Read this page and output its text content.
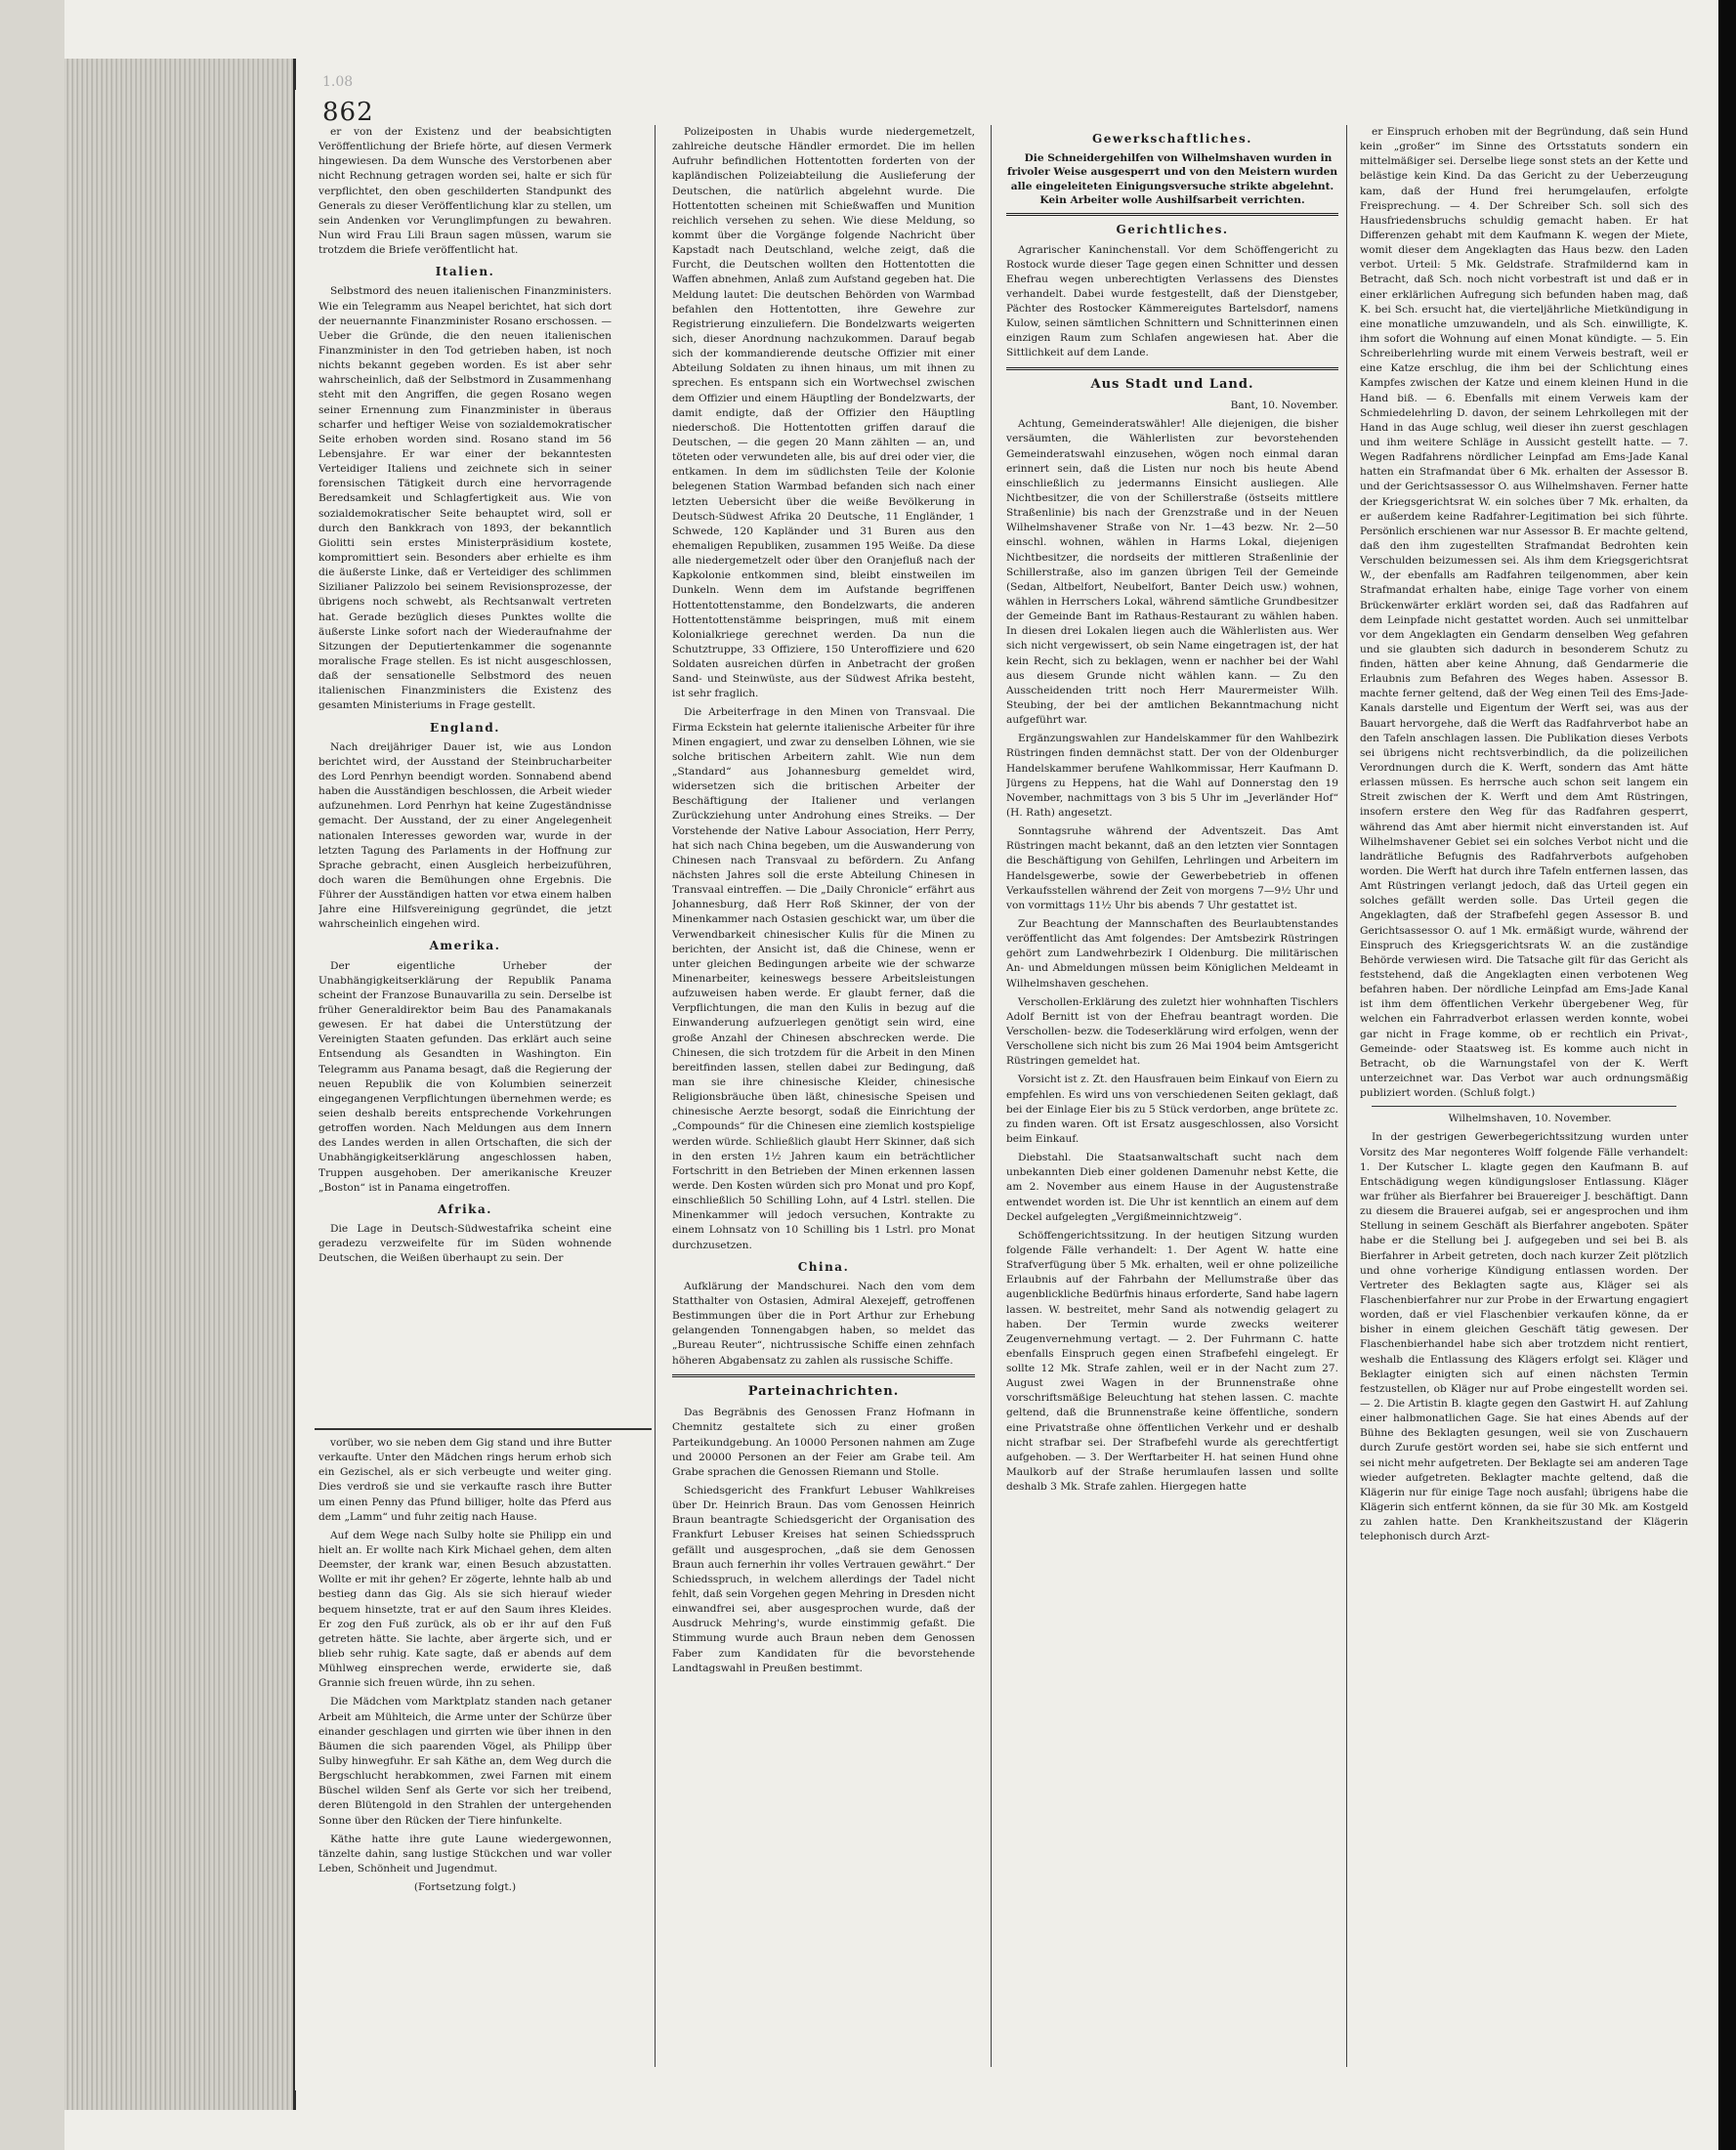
1.08
862

er von der Existenz und der beabsichtigten Veröffentlichung der Briefe hörte, auf diesen Vermerk hingewiesen. Da dem Wunsche des Verstorbenen aber nicht Rechnung getragen worden sei, halte er sich für verpflichtet, den oben geschilderten Standpunkt des Generals zu dieser Veröffentlichung klar zu stellen, um sein Andenken vor Verunglimpfungen zu bewahren. Nun wird Frau Lili Braun sagen müssen, warum sie trotzdem die Briefe veröffentlicht hat.

Italien.

Selbstmord des neuen italienischen Finanzministers. Wie ein Telegramm aus Neapel berichtet, hat sich dort der neuernannte Finanzminister Rosano erschossen. — Ueber die Gründe, die den neuen italienischen Finanzminister in den Tod getrieben haben, ist noch nichts bekannt gegeben worden. Es ist aber sehr wahrscheinlich, daß der Selbstmord in Zusammenhang steht mit den Angriffen, die gegen Rosano wegen seiner Ernennung zum Finanzminister in überaus scharfer und heftiger Weise von sozialdemokratischer Seite erhoben worden sind. Rosano stand im 56 Lebensjahre. Er war einer der bekanntesten Verteidiger Italiens und zeichnete sich in seiner forensischen Tätigkeit durch eine hervorragende Beredsamkeit und Schlagfertigkeit aus. Wie von sozialdemokratischer Seite behauptet wird, soll er durch den Bankkrach von 1893, der bekanntlich Giolitti sein erstes Ministerpräsidium kostete, kompromittiert sein. Besonders aber erhielte es ihm die äußerste Linke, daß er Verteidiger des schlimmen Sizilianer Palizzolo bei seinem Revisionsprozesse, der übrigens noch schwebt, als Rechtsanwalt vertreten hat. Gerade bezüglich dieses Punktes wollte die äußerste Linke sofort nach der Wiederaufnahme der Sitzungen der Deputiertenkammer die sogenannte moralische Frage stellen. Es ist nicht ausgeschlossen, daß der sensationelle Selbstmord des neuen italienischen Finanzministers die Existenz des gesamten Ministeriums in Frage gestellt.

England.

Nach dreijähriger Dauer ist, wie aus London berichtet wird, der Ausstand der Steinbrucharbeiter des Lord Penrhyn beendigt worden. Sonnabend abend haben die Ausständigen beschlossen, die Arbeit wieder aufzunehmen. Lord Penrhyn hat keine Zugeständnisse gemacht. Der Ausstand, der zu einer Angelegenheit nationalen Interesses geworden war, wurde in der letzten Tagung des Parlaments in der Hoffnung zur Sprache gebracht, einen Ausgleich herbeizuführen, doch waren die Bemühungen ohne Ergebnis. Die Führer der Ausständigen hatten vor etwa einem halben Jahre eine Hilfsvereinigung gegründet, die jetzt wahrscheinlich eingehen wird.

Amerika.

Der eigentliche Urheber der Unabhängigkeitserklärung der Republik Panama scheint der Franzose Bunauvarilla zu sein. Derselbe ist früher Generaldirektor beim Bau des Panamakanals gewesen. Er hat dabei die Unterstützung der Vereinigten Staaten gefunden. Das erklärt auch seine Entsendung als Gesandten in Washington. Ein Telegramm aus Panama besagt, daß die Regierung der neuen Republik die von Kolumbien seinerzeit eingegangenen Verpflichtungen übernehmen werde; es seien deshalb bereits entsprechende Vorkehrungen getroffen worden. Nach Meldungen aus dem Innern des Landes werden in allen Ortschaften, die sich der Unabhängigkeitserklärung angeschlossen haben, Truppen ausgehoben. Der amerikanische Kreuzer „Boston“ ist in Panama eingetroffen.

Afrika.

Die Lage in Deutsch-Südwestafrika scheint eine geradezu verzweifelte für im Süden wohnende Deutschen, die Weißen überhaupt zu sein. Der

vorüber, wo sie neben dem Gig stand und ihre Butter verkaufte. Unter den Mädchen rings herum erhob sich ein Gezischel, als er sich verbeugte und weiter ging. Dies verdroß sie und sie verkaufte rasch ihre Butter um einen Penny das Pfund billiger, holte das Pferd aus dem „Lamm“ und fuhr zeitig nach Hause.

Auf dem Wege nach Sulby holte sie Philipp ein und hielt an. Er wollte nach Kirk Michael gehen, dem alten Deemster, der krank war, einen Besuch abzustatten. Wollte er mit ihr gehen? Er zögerte, lehnte halb ab und bestieg dann das Gig. Als sie sich hierauf wieder bequem hinsetzte, trat er auf den Saum ihres Kleides. Er zog den Fuß zurück, als ob er ihr auf den Fuß getreten hätte. Sie lachte, aber ärgerte sich, und er blieb sehr ruhig. Kate sagte, daß er abends auf dem Mühlweg einsprechen werde, erwiderte sie, daß Grannie sich freuen würde, ihn zu sehen.

Die Mädchen vom Marktplatz standen nach getaner Arbeit am Mühlteich, die Arme unter der Schürze über einander geschlagen und girrten wie über ihnen in den Bäumen die sich paarenden Vögel, als Philipp über Sulby hinwegfuhr. Er sah Käthe an, dem Weg durch die Bergschlucht herabkommen, zwei Farnen mit einem Büschel wilden Senf als Gerte vor sich her treibend, deren Blütengold in den Strahlen der untergehenden Sonne über den Rücken der Tiere hinfunkelte.

Käthe hatte ihre gute Laune wiedergewonnen, tänzelte dahin, sang lustige Stückchen und war voller Leben, Schönheit und Jugendmut.

(Fortsetzung folgt.)

Polizeiposten in Uhabis wurde niedergemetzelt, zahlreiche deutsche Händler ermordet. Die im hellen Aufruhr befindlichen Hottentotten forderten von der kapländischen Polizeiabteilung die Auslieferung der Deutschen, die natürlich abgelehnt wurde. Die Hottentotten scheinen mit Schießwaffen und Munition reichlich versehen zu sehen. Wie diese Meldung, so kommt über die Vorgänge folgende Nachricht über Kapstadt nach Deutschland, welche zeigt, daß die Furcht, die Deutschen wollten den Hottentotten die Waffen abnehmen, Anlaß zum Aufstand gegeben hat. Die Meldung lautet: Die deutschen Behörden von Warmbad befahlen den Hottentotten, ihre Gewehre zur Registrierung einzuliefern. Die Bondelzwarts weigerten sich, dieser Anordnung nachzukommen. Darauf begab sich der kommandierende deutsche Offizier mit einer Abteilung Soldaten zu ihnen hinaus, um mit ihnen zu sprechen. Es entspann sich ein Wortwechsel zwischen dem Offizier und einem Häuptling der Bondelzwarts, der damit endigte, daß der Offizier den Häuptling niederschoß. Die Hottentotten griffen darauf die Deutschen, — die gegen 20 Mann zählten — an, und töteten oder verwundeten alle, bis auf drei oder vier, die entkamen. In dem im südlichsten Teile der Kolonie belegenen Station Warmbad befanden sich nach einer letzten Uebersicht über die weiße Bevölkerung in Deutsch-Südwest Afrika 20 Deutsche, 11 Engländer, 1 Schwede, 120 Kapländer und 31 Buren aus den ehemaligen Republiken, zusammen 195 Weiße. Da diese alle niedergemetzelt oder über den Oranjefluß nach der Kapkolonie entkommen sind, bleibt einstweilen im Dunkeln. Wenn dem im Aufstande begriffenen Hottentottenstamme, den Bondelzwarts, die anderen Hottentottenstämme beispringen, muß mit einem Kolonialkriege gerechnet werden. Da nun die Schutztruppe, 33 Offiziere, 150 Unteroffiziere und 620 Soldaten ausreichen dürfen in Anbetracht der großen Sand- und Steinwüste, aus der Südwest Afrika besteht, ist sehr fraglich.

Die Arbeiterfrage in den Minen von Transvaal. Die Firma Eckstein hat gelernte italienische Arbeiter für ihre Minen engagiert, und zwar zu denselben Löhnen, wie sie solche britischen Arbeitern zahlt. Wie nun dem „Standard“ aus Johannesburg gemeldet wird, widersetzen sich die britischen Arbeiter der Beschäftigung der Italiener und verlangen Zurückziehung unter Androhung eines Streiks. — Der Vorstehende der Native Labour Association, Herr Perry, hat sich nach China begeben, um die Auswanderung von Chinesen nach Transvaal zu befördern. Zu Anfang nächsten Jahres soll die erste Abteilung Chinesen in Transvaal eintreffen. — Die „Daily Chronicle“ erfährt aus Johannesburg, daß Herr Roß Skinner, der von der Minenkammer nach Ostasien geschickt war, um über die Verwendbarkeit chinesischer Kulis für die Minen zu berichten, der Ansicht ist, daß die Chinese, wenn er unter gleichen Bedingungen arbeite wie der schwarze Minenarbeiter, keineswegs bessere Arbeitsleistungen aufzuweisen haben werde. Er glaubt ferner, daß die Verpflichtungen, die man den Kulis in bezug auf die Einwanderung aufzuerlegen genötigt sein wird, eine große Anzahl der Chinesen abschrecken werde. Die Chinesen, die sich trotzdem für die Arbeit in den Minen bereitfinden lassen, stellen dabei zur Bedingung, daß man sie ihre chinesische Kleider, chinesische Religionsbräuche üben läßt, chinesische Speisen und chinesische Aerzte besorgt, sodaß die Einrichtung der „Compounds“ für die Chinesen eine ziemlich kostspielige werden würde. Schließlich glaubt Herr Skinner, daß sich in den ersten 1½ Jahren kaum ein beträchtlicher Fortschritt in den Betrieben der Minen erkennen lassen werde. Den Kosten würden sich pro Monat und pro Kopf, einschließlich 50 Schilling Lohn, auf 4 Lstrl. stellen. Die Minenkammer will jedoch versuchen, Kontrakte zu einem Lohnsatz von 10 Schilling bis 1 Lstrl. pro Monat durchzusetzen.

China.

Aufklärung der Mandschurei. Nach den vom dem Statthalter von Ostasien, Admiral Alexejeff, getroffenen Bestimmungen über die in Port Arthur zur Erhebung gelangenden Tonnengabgen haben, so meldet das „Bureau Reuter“, nichtrussische Schiffe einen zehnfach höheren Abgabensatz zu zahlen als russische Schiffe.

Parteinachrichten.

Das Begräbnis des Genossen Franz Hofmann in Chemnitz gestaltete sich zu einer großen Parteikundgebung. An 10000 Personen nahmen am Zuge und 20000 Personen an der Feier am Grabe teil. Am Grabe sprachen die Genossen Riemann und Stolle.

Schiedsgericht des Frankfurt Lebuser Wahlkreises über Dr. Heinrich Braun. Das vom Genossen Heinrich Braun beantragte Schiedsgericht der Organisation des Frankfurt Lebuser Kreises hat seinen Schiedsspruch gefällt und ausgesprochen, „daß sie dem Genossen Braun auch fernerhin ihr volles Vertrauen gewährt.“ Der Schiedsspruch, in welchem allerdings der Tadel nicht fehlt, daß sein Vorgehen gegen Mehring in Dresden nicht einwandfrei sei, aber ausgesprochen wurde, daß der Ausdruck Mehring's, wurde einstimmig gefaßt. Die Stimmung wurde auch Braun neben dem Genossen Faber zum Kandidaten für die bevorstehende Landtagswahl in Preußen bestimmt.

Gewerkschaftliches.

Die Schneidergehilfen von Wilhelmshaven wurden in frivoler Weise ausgesperrt und von den Meistern wurden alle eingeleiteten Einigungsversuche strikte abgelehnt. Kein Arbeiter wolle Aushilfsarbeit verrichten.

Gerichtliches.

Agrarischer Kaninchenstall. Vor dem Schöffengericht zu Rostock wurde dieser Tage gegen einen Schnitter und dessen Ehefrau wegen unberechtigten Verlassens des Dienstes verhandelt. Dabei wurde festgestellt, daß der Dienstgeber, Pächter des Rostocker Kämmereigutes Bartelsdorf, namens Kulow, seinen sämtlichen Schnittern und Schnitterinnen einen einzigen Raum zum Schlafen angewiesen hat. Aber die Sittlichkeit auf dem Lande.

Aus Stadt und Land.

Bant, 10. November.

Achtung, Gemeinderatswähler! Alle diejenigen, die bisher versäumten, die Wählerlisten zur bevorstehenden Gemeinderatswahl einzusehen, wögen noch einmal daran erinnert sein, daß die Listen nur noch bis heute Abend einschließlich zu jedermanns Einsicht ausliegen. Alle Nichtbesitzer, die von der Schillerstraße (östseits mittlere Straßenlinie) bis nach der Grenzstraße und in der Neuen Wilhelmshavener Straße von Nr. 1—43 bezw. Nr. 2—50 einschl. wohnen, wählen in Harms Lokal, diejenigen Nichtbesitzer, die nordseits der mittleren Straßenlinie der Schillerstraße, also im ganzen übrigen Teil der Gemeinde (Sedan, Altbelfort, Neubelfort, Banter Deich usw.) wohnen, wählen in Herrschers Lokal, während sämtliche Grundbesitzer der Gemeinde Bant im Rathaus-Restaurant zu wählen haben. In diesen drei Lokalen liegen auch die Wählerlisten aus. Wer sich nicht vergewissert, ob sein Name eingetragen ist, der hat kein Recht, sich zu beklagen, wenn er nachher bei der Wahl aus diesem Grunde nicht wählen kann. — Zu den Ausscheidenden tritt noch Herr Maurermeister Wilh. Steubing, der bei der amtlichen Bekanntmachung nicht aufgeführt war.

Ergänzungswahlen zur Handelskammer für den Wahlbezirk Rüstringen finden demnächst statt. Der von der Oldenburger Handelskammer berufene Wahlkommissar, Herr Kaufmann D. Jürgens zu Heppens, hat die Wahl auf Donnerstag den 19 November, nachmittags von 3 bis 5 Uhr im „Jeverländer Hof“ (H. Rath) angesetzt.

Sonntagsruhe während der Adventszeit. Das Amt Rüstringen macht bekannt, daß an den letzten vier Sonntagen die Beschäftigung von Gehilfen, Lehrlingen und Arbeitern im Handelsgewerbe, sowie der Gewerbebetrieb in offenen Verkaufsstellen während der Zeit von morgens 7—9½ Uhr und von vormittags 11½ Uhr bis abends 7 Uhr gestattet ist.

Zur Beachtung der Mannschaften des Beurlaubtenstandes veröffentlicht das Amt folgendes: Der Amtsbezirk Rüstringen gehört zum Landwehrbezirk I Oldenburg. Die militärischen An- und Abmeldungen müssen beim Königlichen Meldeamt in Wilhelmshaven geschehen.

Verschollen-Erklärung des zuletzt hier wohnhaften Tischlers Adolf Bernitt ist von der Ehefrau beantragt worden. Die Verschollen- bezw. die Todeserklärung wird erfolgen, wenn der Verschollene sich nicht bis zum 26 Mai 1904 beim Amtsgericht Rüstringen gemeldet hat.

Vorsicht ist z. Zt. den Hausfrauen beim Einkauf von Eiern zu empfehlen. Es wird uns von verschiedenen Seiten geklagt, daß bei der Einlage Eier bis zu 5 Stück verdorben, ange brütete zc. zu finden waren. Oft ist Ersatz ausgeschlossen, also Vorsicht beim Einkauf.

Diebstahl. Die Staatsanwaltschaft sucht nach dem unbekannten Dieb einer goldenen Damenuhr nebst Kette, die am 2. November aus einem Hause in der Augustenstraße entwendet worden ist. Die Uhr ist kenntlich an einem auf dem Deckel aufgelegten „Vergißmeinnichtzweig“.

Schöffengerichtssitzung. In der heutigen Sitzung wurden folgende Fälle verhandelt: 1. Der Agent W. hatte eine Strafverfügung über 5 Mk. erhalten, weil er ohne polizeiliche Erlaubnis auf der Fahrbahn der Mellumstraße über das augenblickliche Bedürfnis hinaus erforderte, Sand habe lagern lassen. W. bestreitet, mehr Sand als notwendig gelagert zu haben. Der Termin wurde zwecks weiterer Zeugenvernehmung vertagt. — 2. Der Fuhrmann C. hatte ebenfalls Einspruch gegen einen Strafbefehl eingelegt. Er sollte 12 Mk. Strafe zahlen, weil er in der Nacht zum 27. August zwei Wagen in der Brunnenstraße ohne vorschriftsmäßige Beleuchtung hat stehen lassen. C. machte geltend, daß die Brunnenstraße keine öffentliche, sondern eine Privatstraße ohne öffentlichen Verkehr und er deshalb nicht strafbar sei. Der Strafbefehl wurde als gerechtfertigt aufgehoben. — 3. Der Werftarbeiter H. hat seinen Hund ohne Maulkorb auf der Straße herumlaufen lassen und sollte deshalb 3 Mk. Strafe zahlen. Hiergegen hatte

er Einspruch erhoben mit der Begründung, daß sein Hund kein „großer“ im Sinne des Ortsstatuts sondern ein mittelmäßiger sei. Derselbe liege sonst stets an der Kette und belästige kein Kind. Da das Gericht zu der Ueberzeugung kam, daß der Hund frei herumgelaufen, erfolgte Freisprechung. — 4. Der Schreiber Sch. soll sich des Hausfriedensbruchs schuldig gemacht haben. Er hat Differenzen gehabt mit dem Kaufmann K. wegen der Miete, womit dieser dem Angeklagten das Haus bezw. den Laden verbot. Urteil: 5 Mk. Geldstrafe. Strafmildernd kam in Betracht, daß Sch. noch nicht vorbestraft ist und daß er in einer erklärlichen Aufregung sich befunden haben mag, daß K. bei Sch. ersucht hat, die vierteljährliche Mietkündigung in eine monatliche umzuwandeln, und als Sch. einwilligte, K. ihm sofort die Wohnung auf einen Monat kündigte. — 5. Ein Schreiberlehrling wurde mit einem Verweis bestraft, weil er eine Katze erschlug, die ihm bei der Schlichtung eines Kampfes zwischen der Katze und einem kleinen Hund in die Hand biß. — 6. Ebenfalls mit einem Verweis kam der Schmiedelehrling D. davon, der seinem Lehrkollegen mit der Hand in das Auge schlug, weil dieser ihn zuerst geschlagen und ihm weitere Schläge in Aussicht gestellt hatte. — 7. Wegen Radfahrens nördlicher Leinpfad am Ems-Jade Kanal hatten ein Strafmandat über 6 Mk. erhalten der Assessor B. und der Gerichtsassessor O. aus Wilhelmshaven. Ferner hatte der Kriegsgerichtsrat W. ein solches über 7 Mk. erhalten, da er außerdem keine Radfahrer-Legitimation bei sich führte. Persönlich erschienen war nur Assessor B. Er machte geltend, daß den ihm zugestellten Strafmandat Bedrohten kein Verschulden beizumessen sei. Als ihm dem Kriegsgerichtsrat W., der ebenfalls am Radfahren teilgenommen, aber kein Strafmandat erhalten habe, einige Tage vorher von einem Brückenwärter erklärt worden sei, daß das Radfahren auf dem Leinpfade nicht gestattet worden. Auch sei unmittelbar vor dem Angeklagten ein Gendarm denselben Weg gefahren und sie glaubten sich dadurch in besonderem Schutz zu finden, hätten aber keine Ahnung, daß Gendarmerie die Erlaubnis zum Befahren des Weges haben. Assessor B. machte ferner geltend, daß der Weg einen Teil des Ems-Jade-Kanals darstelle und Eigentum der Werft sei, was aus der Bauart hervorgehe, daß die Werft das Radfahrverbot habe an den Tafeln anschlagen lassen. Die Publikation dieses Verbots sei übrigens nicht rechtsverbindlich, da die polizeilichen Verordnungen durch die K. Werft, sondern das Amt hätte erlassen müssen. Es herrsche auch schon seit langem ein Streit zwischen der K. Werft und dem Amt Rüstringen, insofern erstere den Weg für das Radfahren gesperrt, während das Amt aber hiermit nicht einverstanden ist. Auf Wilhelmshavener Gebiet sei ein solches Verbot nicht und die landrätliche Befugnis des Radfahrverbots aufgehoben worden. Die Werft hat durch ihre Tafeln entfernen lassen, das Amt Rüstringen verlangt jedoch, daß das Urteil gegen ein solches gefällt werden solle. Das Urteil gegen die Angeklagten, daß der Strafbefehl gegen Assessor B. und Gerichtsassessor O. auf 1 Mk. ermäßigt wurde, während der Einspruch des Kriegsgerichtsrats W. an die zuständige Behörde verwiesen wird. Die Tatsache gilt für das Gericht als feststehend, daß die Angeklagten einen verbotenen Weg befahren haben. Der nördliche Leinpfad am Ems-Jade Kanal ist ihm dem öffentlichen Verkehr übergebener Weg, für welchen ein Fahrradverbot erlassen werden konnte, wobei gar nicht in Frage komme, ob er rechtlich ein Privat-, Gemeinde- oder Staatsweg ist. Es komme auch nicht in Betracht, ob die Warnungstafel von der K. Werft unterzeichnet war. Das Verbot war auch ordnungsmäßig publiziert worden. (Schluß folgt.)

Wilhelmshaven, 10. November.

In der gestrigen Gewerbegerichtssitzung wurden unter Vorsitz des Mar negonteres Wolff folgende Fälle verhandelt: 1. Der Kutscher L. klagte gegen den Kaufmann B. auf Entschädigung wegen kündigungsloser Entlassung. Kläger war früher als Bierfahrer bei Brauereiger J. beschäftigt. Dann zu diesem die Brauerei aufgab, sei er angesprochen und ihm Stellung in seinem Geschäft als Bierfahrer angeboten. Später habe er die Stellung bei J. aufgegeben und sei bei B. als Bierfahrer in Arbeit getreten, doch nach kurzer Zeit plötzlich und ohne vorherige Kündigung entlassen worden. Der Vertreter des Beklagten sagte aus, Kläger sei als Flaschenbierfahrer nur zur Probe in der Erwartung engagiert worden, daß er viel Flaschenbier verkaufen könne, da er bisher in einem gleichen Geschäft tätig gewesen. Der Flaschenbierhandel habe sich aber trotzdem nicht rentiert, weshalb die Entlassung des Klägers erfolgt sei. Kläger und Beklagter einigten sich auf einen nächsten Termin festzustellen, ob Kläger nur auf Probe eingestellt worden sei. — 2. Die Artistin B. klagte gegen den Gastwirt H. auf Zahlung einer halbmonatlichen Gage. Sie hat eines Abends auf der Bühne des Beklagten gesungen, weil sie von Zuschauern durch Zurufe gestört worden sei, habe sie sich entfernt und sei nicht mehr aufgetreten. Der Beklagte sei am anderen Tage wieder aufgetreten. Beklagter machte geltend, daß die Klägerin nur für einige Tage noch ausfahl; übrigens habe die Klägerin sich entfernt können, da sie für 30 Mk. am Kostgeld zu zahlen hatte. Den Krankheitszustand der Klägerin telephonisch durch Arzt-
